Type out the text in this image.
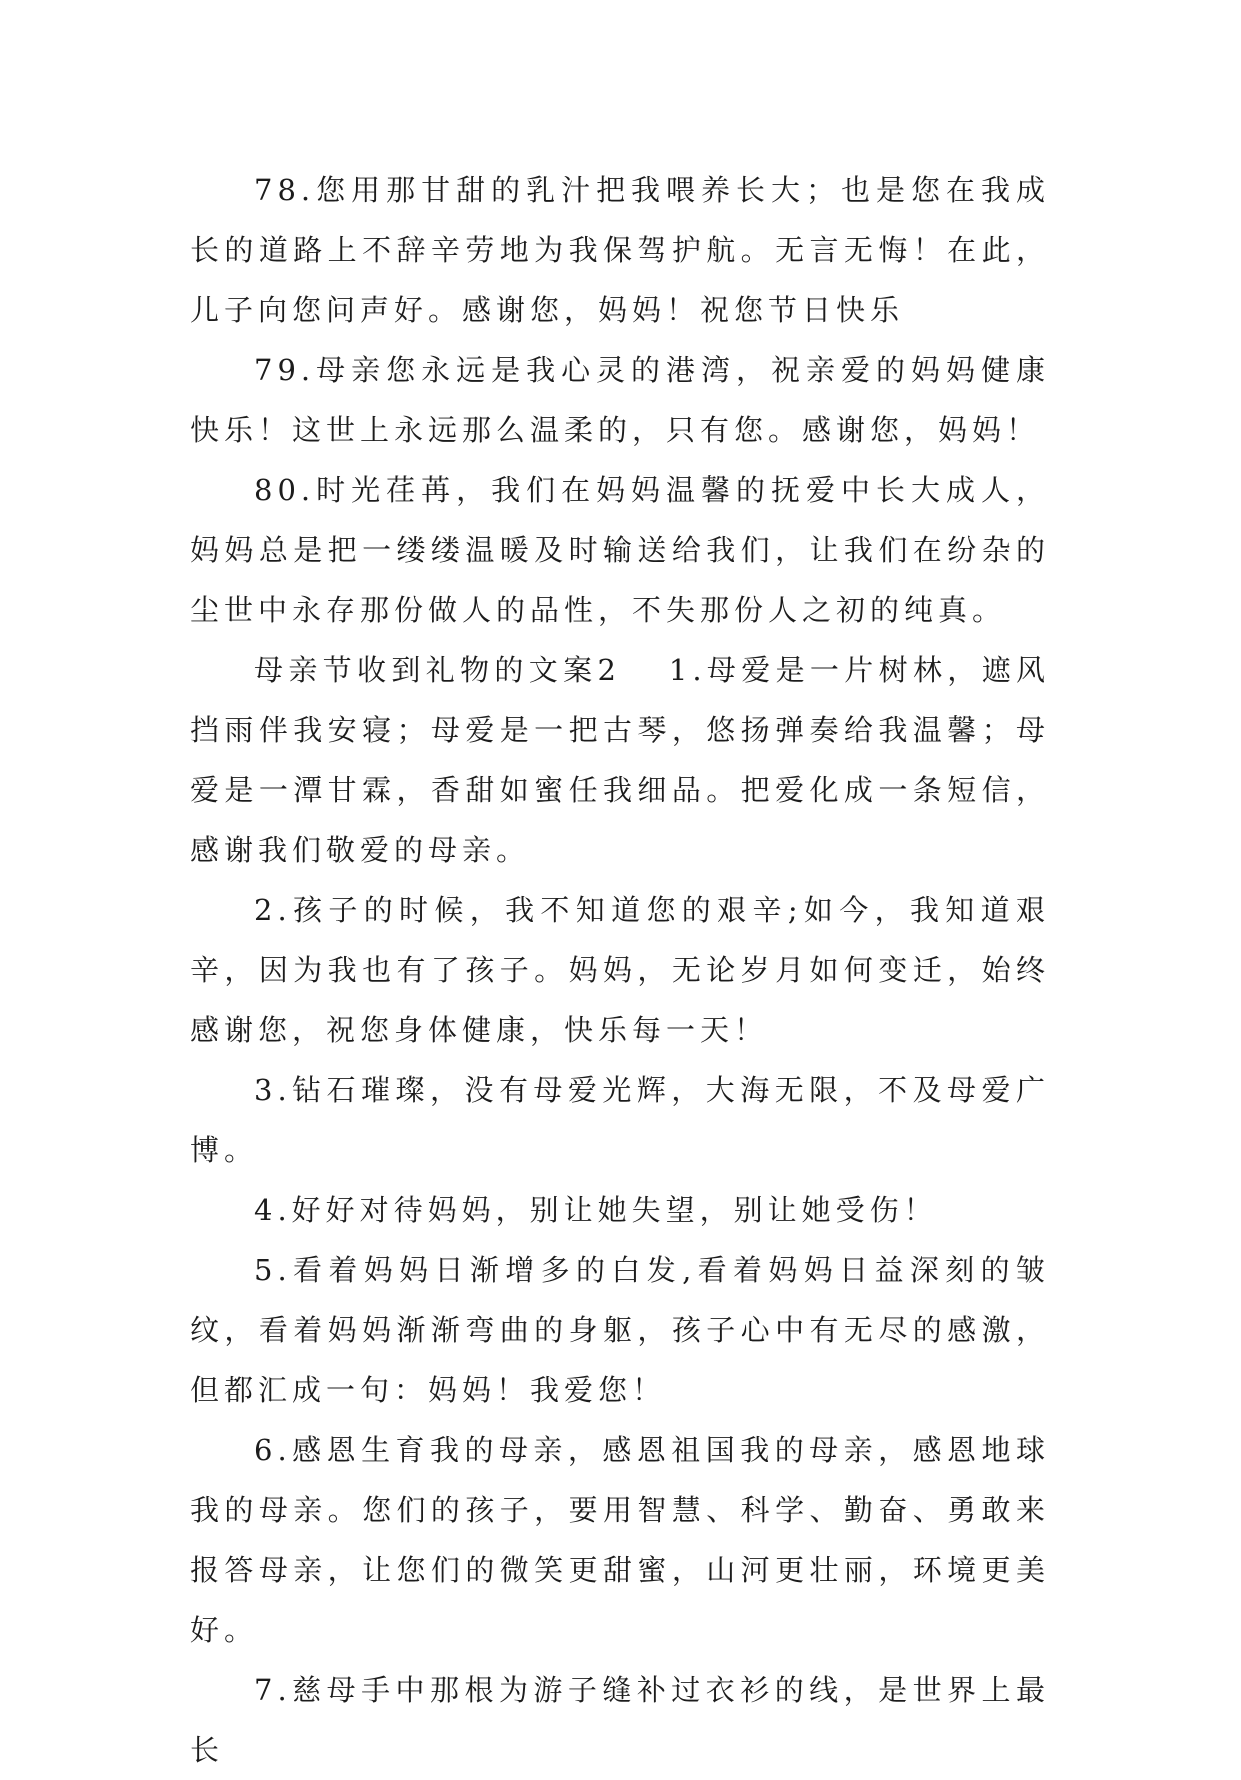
78.您用那甘甜的乳汁把我喂养长大；也是您在我成长的道路上不辞辛劳地为我保驾护航。无言无悔！在此，儿子向您问声好。感谢您，妈妈！祝您节日快乐

79.母亲您永远是我心灵的港湾，祝亲爱的妈妈健康快乐！这世上永远那么温柔的，只有您。感谢您，妈妈！

80.时光荏苒，我们在妈妈温馨的抚爱中长大成人，妈妈总是把一缕缕温暖及时输送给我们，让我们在纷杂的尘世中永存那份做人的品性，不失那份人之初的纯真。

母亲节收到礼物的文案2 1.母爱是一片树林，遮风挡雨伴我安寝；母爱是一把古琴，悠扬弹奏给我温馨；母爱是一潭甘霖，香甜如蜜任我细品。把爱化成一条短信，感谢我们敬爱的母亲。

2.孩子的时候，我不知道您的艰辛;如今，我知道艰辛，因为我也有了孩子。妈妈，无论岁月如何变迁，始终感谢您，祝您身体健康，快乐每一天！

3.钻石璀璨，没有母爱光辉，大海无限，不及母爱广博。

4.好好对待妈妈，别让她失望，别让她受伤！

5.看着妈妈日渐增多的白发,看着妈妈日益深刻的皱纹，看着妈妈渐渐弯曲的身躯，孩子心中有无尽的感激，但都汇成一句：妈妈！我爱您！

6.感恩生育我的母亲，感恩祖国我的母亲，感恩地球我的母亲。您们的孩子，要用智慧、科学、勤奋、勇敢来报答母亲，让您们的微笑更甜蜜，山河更壮丽，环境更美好。

7.慈母手中那根为游子缝补过衣衫的线，是世界上最长
